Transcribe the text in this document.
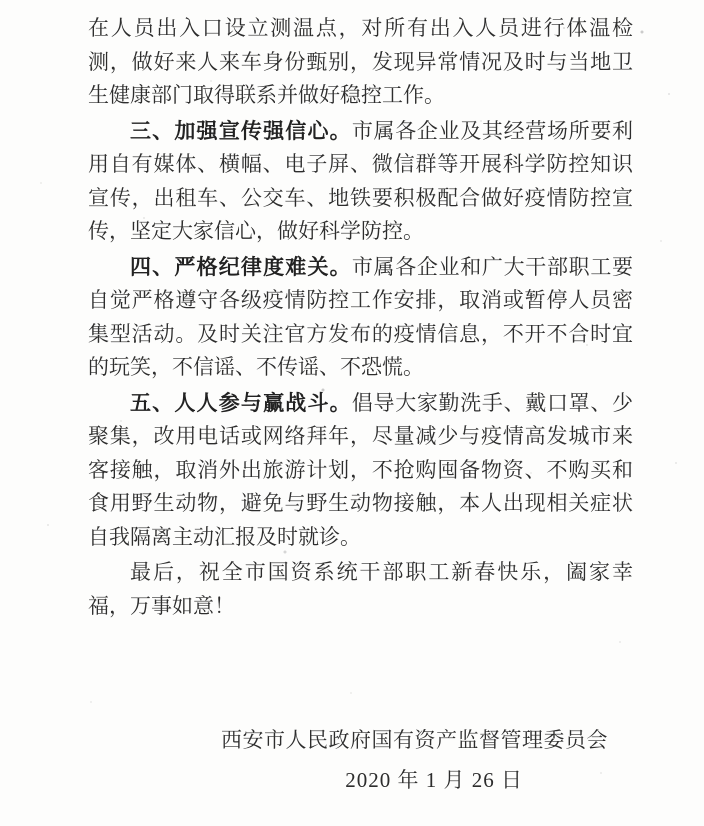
在人员出入口设立测温点，对所有出入人员进行体温检测，做好来人来车身份甄别，发现异常情况及时与当地卫生健康部门取得联系并做好稳控工作。

三、加强宣传强信心。市属各企业及其经营场所要利用自有媒体、横幅、电子屏、微信群等开展科学防控知识宣传，出租车、公交车、地铁要积极配合做好疫情防控宣传，坚定大家信心，做好科学防控。

四、严格纪律度难关。市属各企业和广大干部职工要自觉严格遵守各级疫情防控工作安排，取消或暂停人员密集型活动。及时关注官方发布的疫情信息，不开不合时宜的玩笑，不信谣、不传谣、不恐慌。

五、人人参与赢战斗。倡导大家勤洗手、戴口罩、少聚集，改用电话或网络拜年，尽量减少与疫情高发城市来客接触，取消外出旅游计划，不抢购囤备物资、不购买和食用野生动物，避免与野生动物接触，本人出现相关症状自我隔离主动汇报及时就诊。

最后，祝全市国资系统干部职工新春快乐，阖家幸福，万事如意！

西安市人民政府国有资产监督管理委员会
2020 年 1 月 26 日
